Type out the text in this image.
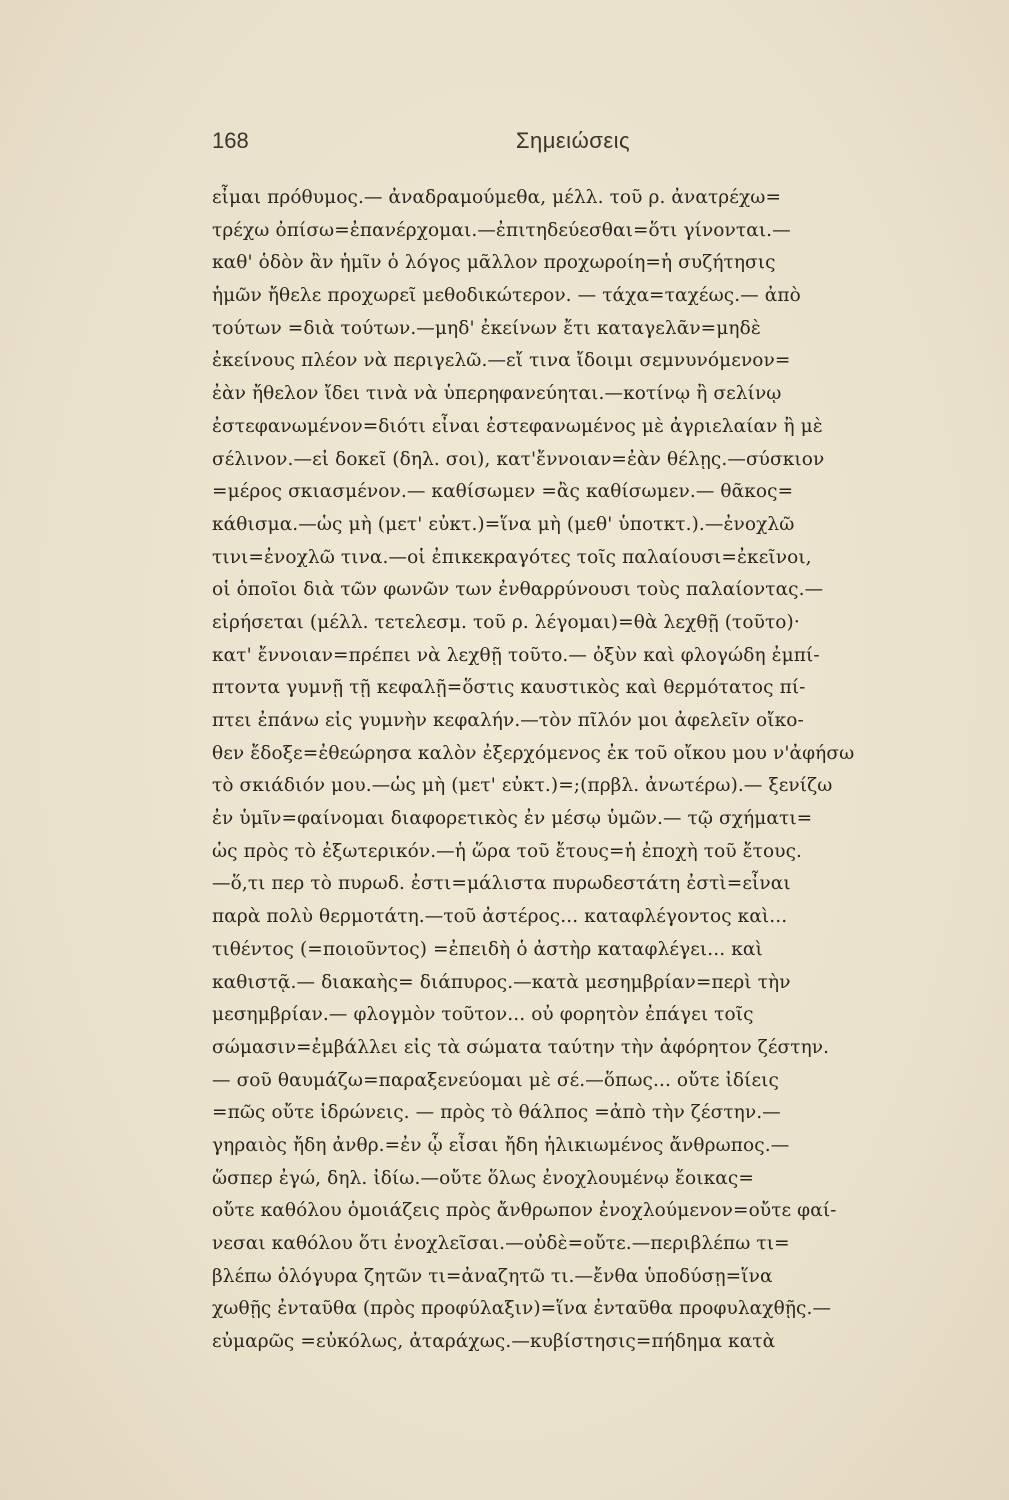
168	Σημειώσεις
εἶμαι πρόθυμος.— ἀναδραμούμεθα, μέλλ. τοῦ ρ. ἀνατρέχω=
τρέχω ὀπίσω=ἐπανέρχομαι.—ἐπιτηδεύεσθαι=ὅτι γίνονται.—
καθ' ὁδὸν ἂν ἡμῖν ὁ λόγος μᾶλλον προχωροίη=ἡ συζήτησις
ἡμῶν ἤθελε προχωρεῖ μεθοδικώτερον. — τάχα=ταχέως.— ἀπὸ
τούτων =διὰ τούτων.—μηδ' ἐκείνων ἔτι καταγελᾶν=μηδὲ
ἐκείνους πλέον νὰ περιγελῶ.—εἴ τινα ἴδοιμι σεμνυνόμενον=
ἐὰν ἤθελον ἴδει τινὰ νὰ ὑπερηφανεύηται.—κοτίνῳ ἢ σελίνῳ
ἐστεφανωμένον=διότι εἶναι ἐστεφανωμένος μὲ ἀγριελαίαν ἢ μὲ
σέλινον.—εἰ δοκεῖ (δηλ. σοι), κατ'ἔννοιαν=ἐὰν θέλῃς.—σύσκιον
=μέρος σκιασμένον.— καθίσωμεν =ἂς καθίσωμεν.— θᾶκος=
κάθισμα.—ὡς μὴ (μετ' εὐκτ.)=ἵνα μὴ (μεθ' ὑποτκτ.).—ἐνοχλῶ
τινι=ἐνοχλῶ τινα.—οἱ ἐπικεκραγότες τοῖς παλαίουσι=ἐκεῖνοι,
οἱ ὁποῖοι διὰ τῶν φωνῶν των ἐνθαρρύνουσι τοὺς παλαίοντας.—
εἰρήσεται (μέλλ. τετελεσμ. τοῦ ρ. λέγομαι)=θὰ λεχθῇ (τοῦτο)·
κατ' ἔννοιαν=πρέπει νὰ λεχθῇ τοῦτο.— ὀξὺν καὶ φλογώδη ἐμπί-
πτοντα γυμνῇ τῇ κεφαλῇ=ὅστις καυστικὸς καὶ θερμότατος πί-
πτει ἐπάνω εἰς γυμνὴν κεφαλήν.—τὸν πῖλόν μοι ἀφελεῖν οἴκο-
θεν ἔδοξε=ἐθεώρησα καλὸν ἐξερχόμενος ἐκ τοῦ οἴκου μου ν'ἀφήσω
τὸ σκιάδιόν μου.—ὡς μὴ (μετ' εὐκτ.)=;(πρβλ. ἀνωτέρω).— ξενίζω
ἐν ὑμῖν=φαίνομαι διαφορετικὸς ἐν μέσῳ ὑμῶν.— τῷ σχήματι=
ὡς πρὸς τὸ ἐξωτερικόν.—ἡ ὥρα τοῦ ἔτους=ἡ ἐποχὴ τοῦ ἔτους.
—ὅ,τι περ τὸ πυρωδ. ἐστι=μάλιστα πυρωδεστάτη ἐστὶ=εἶναι
παρὰ πολὺ θερμοτάτη.—τοῦ ἀστέρος... καταφλέγοντος καὶ...
τιθέντος (=ποιοῦντος) =ἐπειδὴ ὁ ἀστὴρ καταφλέγει... καὶ
καθιστᾷ.— διακαὴς= διάπυρος.—κατὰ μεσημβρίαν=περὶ τὴν
μεσημβρίαν.— φλογμὸν τοῦτον... οὐ φορητὸν ἐπάγει τοῖς
σώμασιν=ἐμβάλλει εἰς τὰ σώματα ταύτην τὴν ἀφόρητον ζέστην.
— σοῦ θαυμάζω=παραξενεύομαι μὲ σέ.—ὅπως... οὔτε ἰδίεις
=πῶς οὔτε ἱδρώνεις. — πρὸς τὸ θάλπος =ἀπὸ τὴν ζέστην.—
γηραιὸς ἤδη ἀνθρ.=ἐν ᾧ εἶσαι ἤδη ἡλικιωμένος ἄνθρωπος.—
ὥσπερ ἐγώ, δηλ. ἰδίω.—οὔτε ὅλως ἐνοχλουμένῳ ἔοικας=
οὔτε καθόλου ὁμοιάζεις πρὸς ἄνθρωπον ἐνοχλούμενον=οὔτε φαί-
νεσαι καθόλου ὅτι ἐνοχλεῖσαι.—οὐδὲ=οὔτε.—περιβλέπω τι=
βλέπω ὁλόγυρα ζητῶν τι=ἀναζητῶ τι.—ἔνθα ὑποδύσῃ=ἵνα
χωθῇς ἐνταῦθα (πρὸς προφύλαξιν)=ἵνα ἐνταῦθα προφυλαχθῇς.—
εὐμαρῶς =εὐκόλως, ἀταράχως.—κυβίστησις=πήδημα κατὰ
